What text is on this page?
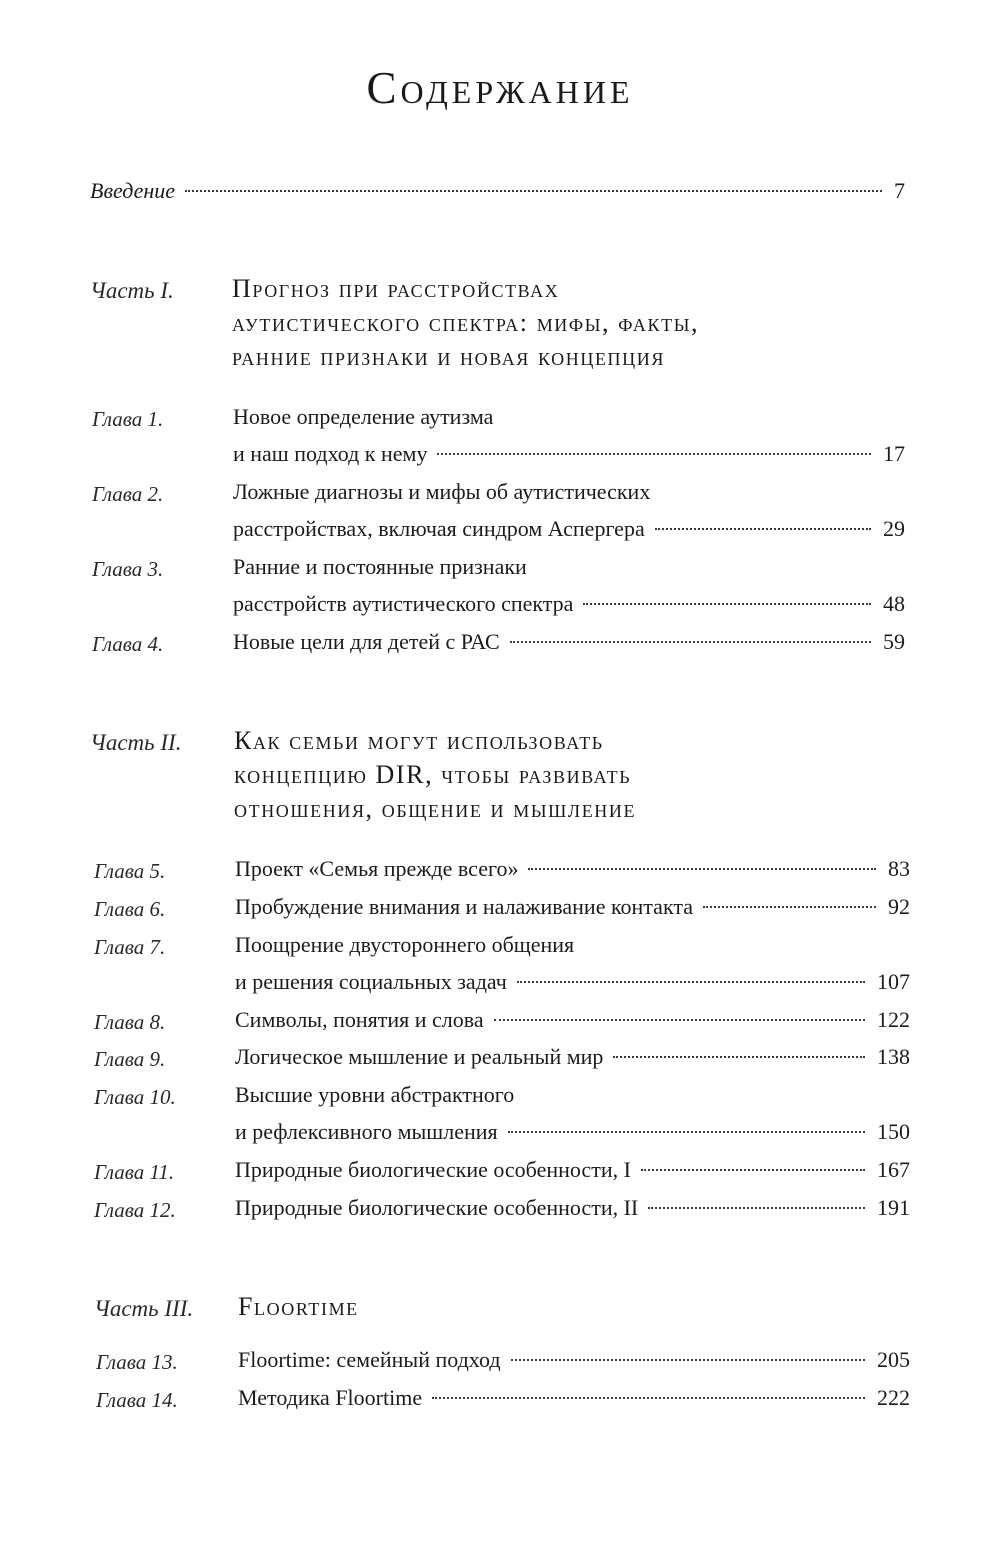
Содержание
Введение	7
Часть I. Прогноз при расстройствах
аутистического спектра: мифы, факты,
ранние признаки и новая концепция
Глава 1.	Новое определение аутизма
и наш подход к нему	17
Глава 2.	Ложные диагнозы и мифы об аутистических
расстройствах, включая синдром Аспергера	29
Глава 3.	Ранние и постоянные признаки
расстройств аутистического спектра	48
Глава 4.	Новые цели для детей с РАС	59
Часть II. Как семьи могут использовать
концепцию DIR, чтобы развивать
отношения, общение и мышление
Глава 5.	Проект «Семья прежде всего»	83
Глава 6.	Пробуждение внимания и налаживание контакта	92
Глава 7.	Поощрение двустороннего общения
и решения социальных задач	107
Глава 8.	Символы, понятия и слова	122
Глава 9.	Логическое мышление и реальный мир	138
Глава 10.	Высшие уровни абстрактного
и рефлексивного мышления	150
Глава 11.	Природные биологические особенности, I	167
Глава 12.	Природные биологические особенности, II	191
Часть III. Floortime
Глава 13.	Floortime: семейный подход	205
Глава 14.	Методика Floortime	222
